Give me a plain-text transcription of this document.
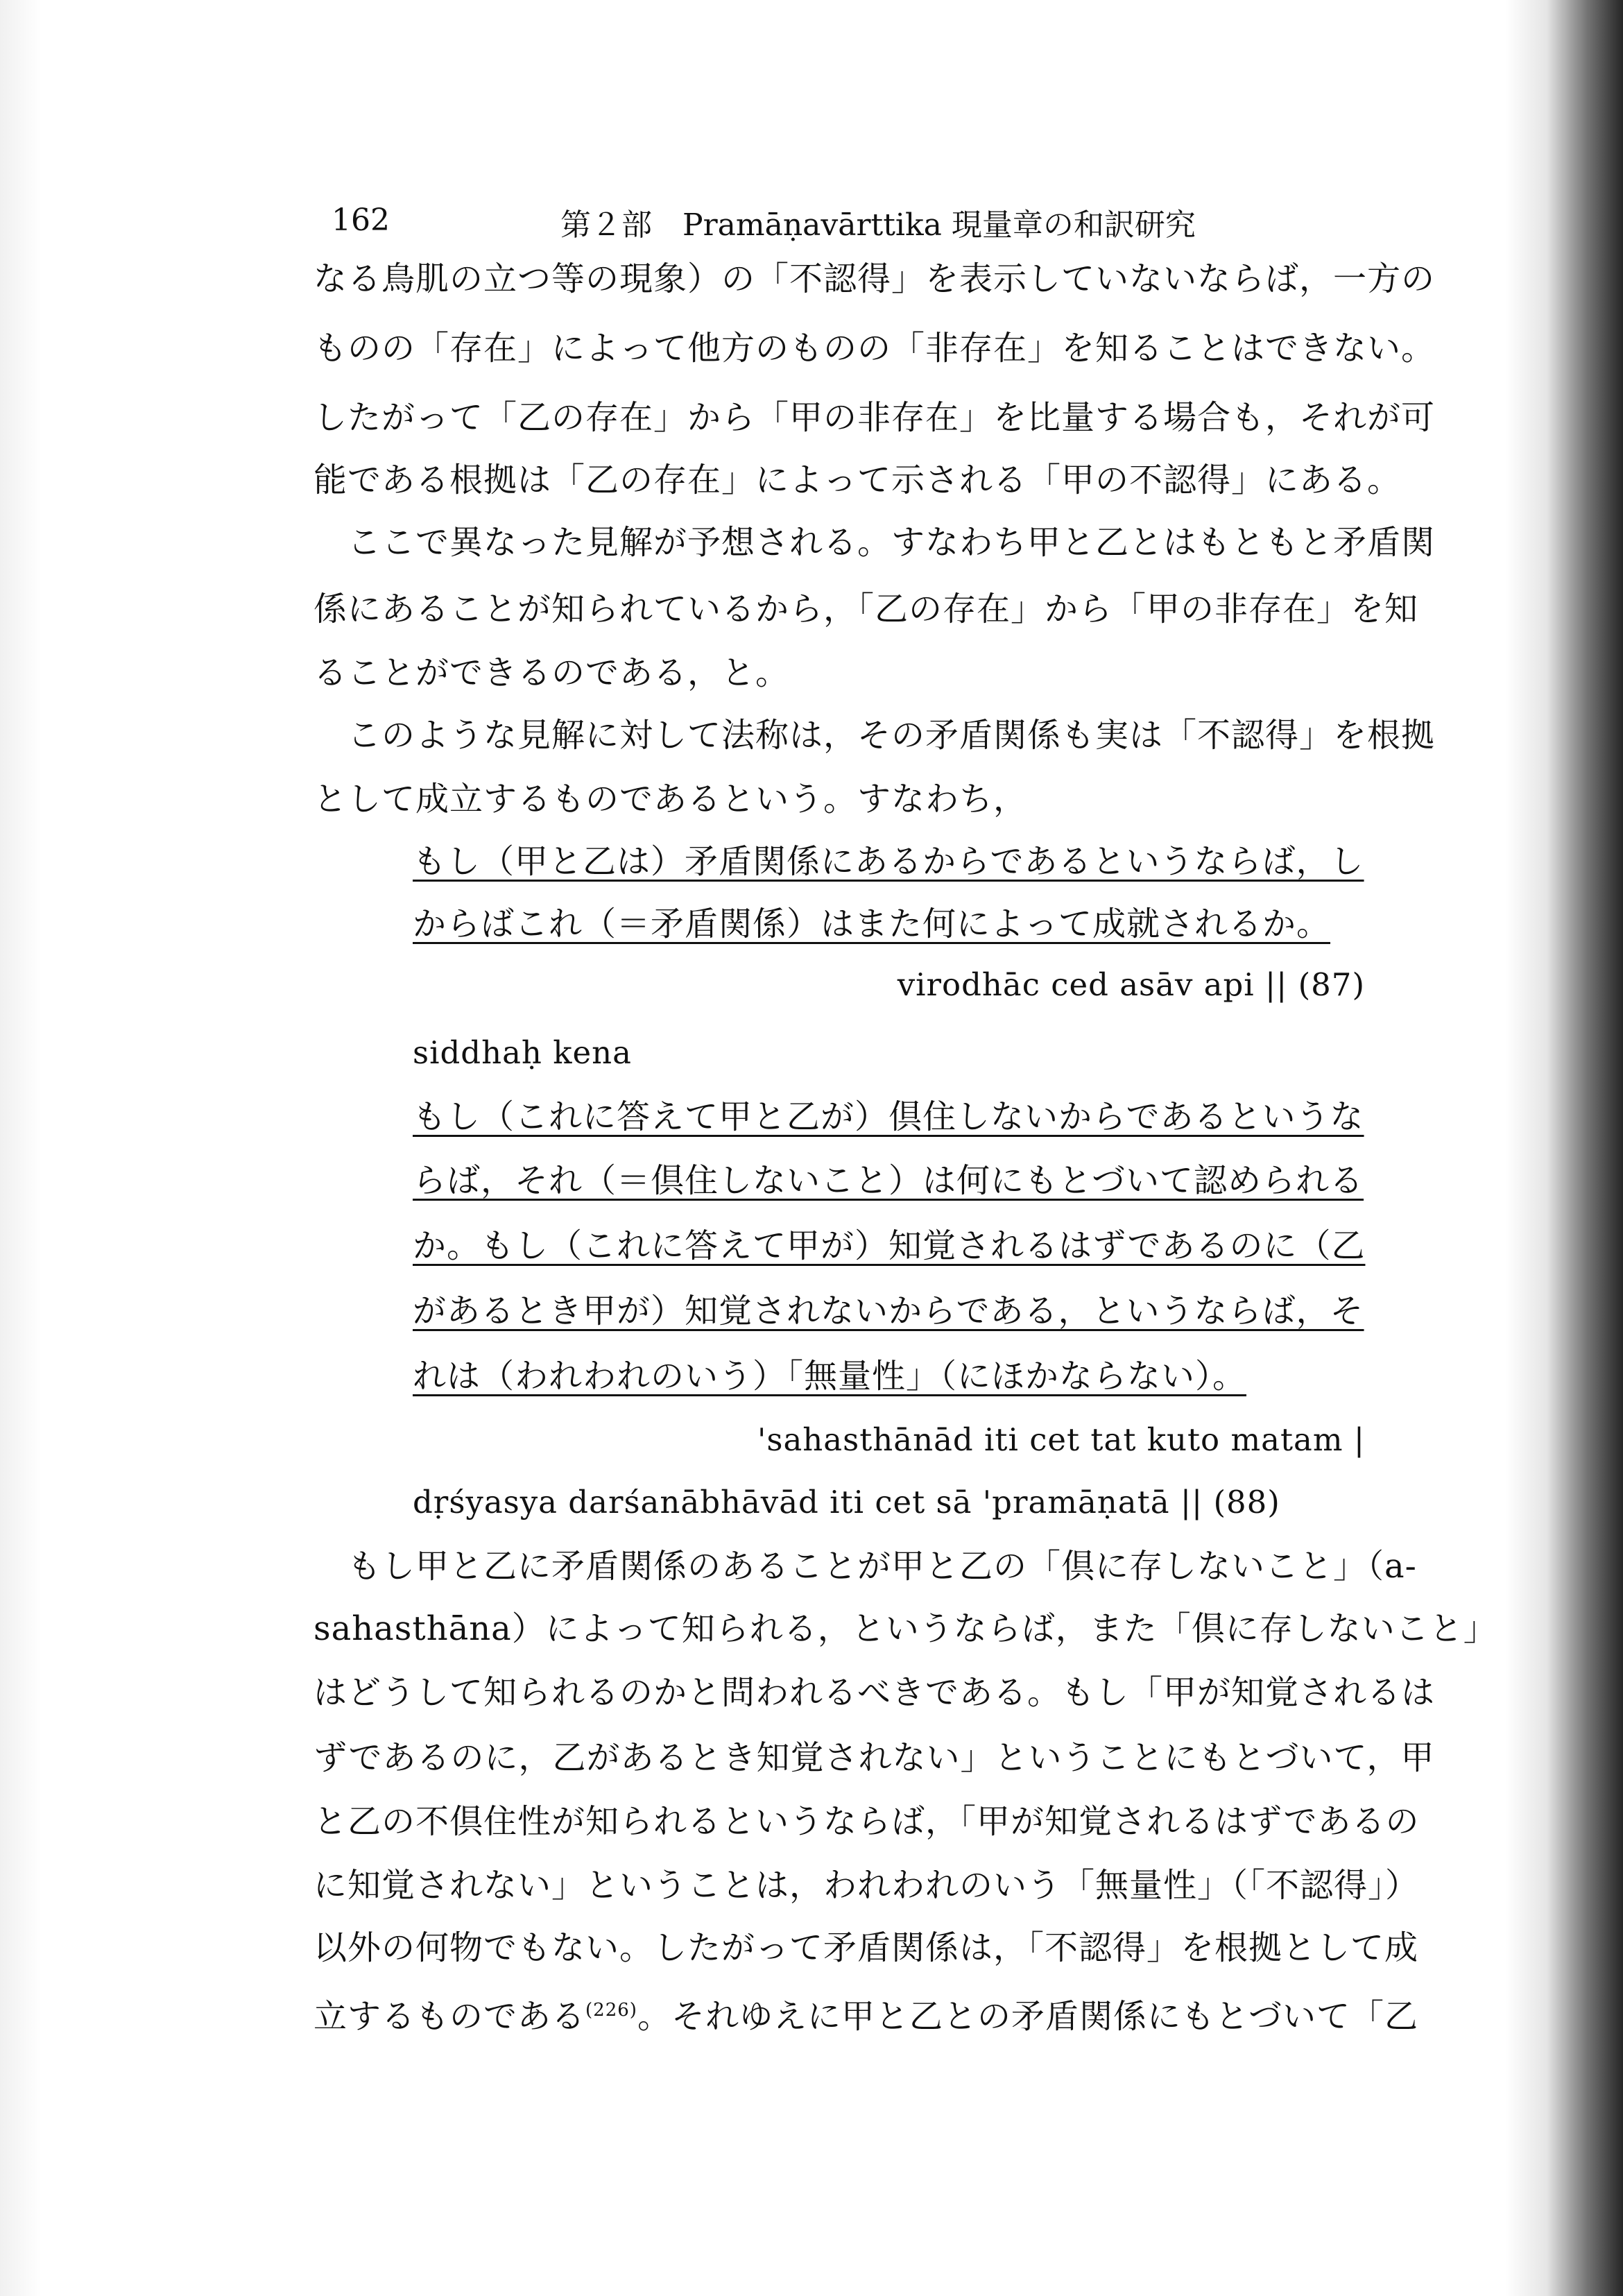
162	第２部　Pramāṇavārttika 現量章の和訳研究
なる鳥肌の立つ等の現象）の「不認得」を表示していないならば，一方の
ものの「存在」によって他方のものの「非存在」を知ることはできない。
したがって「乙の存在」から「甲の非存在」を比量する場合も，それが可
能である根拠は「乙の存在」によって示される「甲の不認得」にある。
　ここで異なった見解が予想される。すなわち甲と乙とはもともと矛盾関
係にあることが知られているから，「乙の存在」から「甲の非存在」を知
ることができるのである，と。
　このような見解に対して法称は，その矛盾関係も実は「不認得」を根拠
として成立するものであるという。すなわち，
もし（甲と乙は）矛盾関係にあるからであるというならば，し
からばこれ（＝矛盾関係）はまた何によって成就されるか。
virodhāc ced asāv api || (87)
siddhaḥ kena
もし（これに答えて甲と乙が）倶住しないからであるというな
らば，それ（＝倶住しないこと）は何にもとづいて認められる
か。もし（これに答えて甲が）知覚されるはずであるのに（乙
があるとき甲が）知覚されないからである，というならば，そ
れは（われわれのいう）「無量性」（にほかならない）。
'sahasthānād iti cet tat kuto matam |
dṛśyasya darśanābhāvād iti cet sā 'pramāṇatā || (88)
　もし甲と乙に矛盾関係のあることが甲と乙の「倶に存しないこと」（a-
sahasthāna）によって知られる，というならば，また「倶に存しないこと」
はどうして知られるのかと問われるべきである。もし「甲が知覚されるは
ずであるのに，乙があるとき知覚されない」ということにもとづいて，甲
と乙の不倶住性が知られるというならば，「甲が知覚されるはずであるの
に知覚されない」ということは，われわれのいう「無量性」（「不認得」）
以外の何物でもない。したがって矛盾関係は，「不認得」を根拠として成
立するものである$^{(226)}$。それゆえに甲と乙との矛盾関係にもとづいて「乙
